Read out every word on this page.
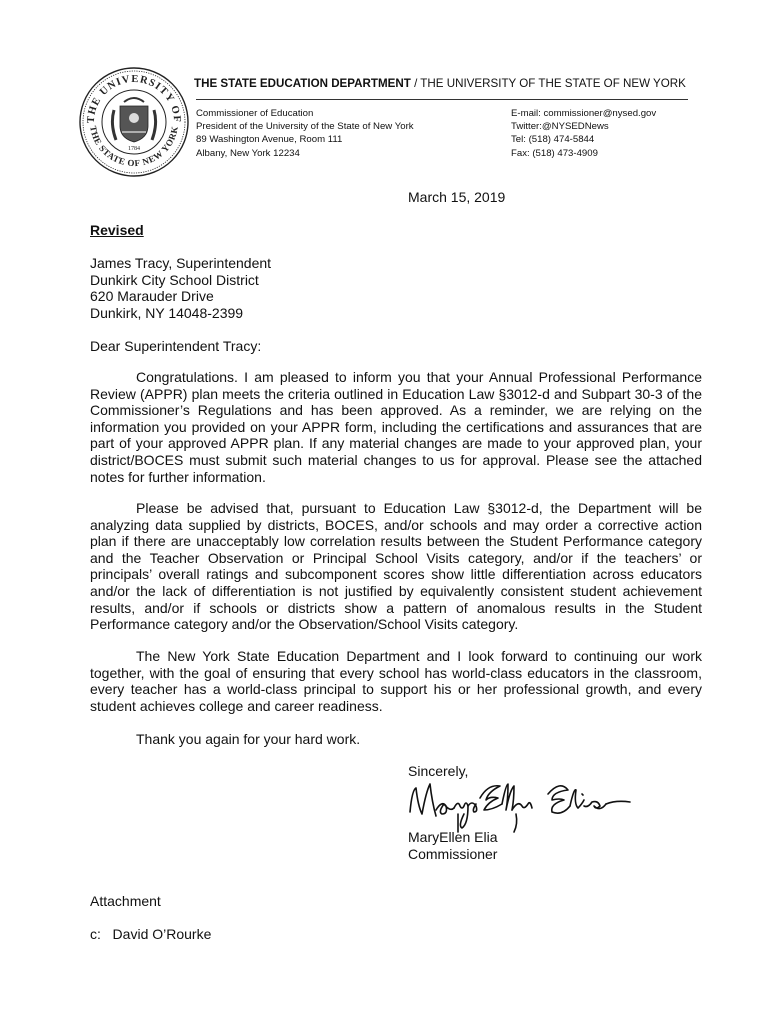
THE UNIVERSITY OF
THE STATE OF NEW YORK
1784
THE STATE EDUCATION DEPARTMENT / THE UNIVERSITY OF THE STATE OF NEW YORK
Commissioner of Education
President of the University of the State of New York
89 Washington Avenue, Room 111
Albany, New York 12234
E-mail: commissioner@nysed.gov
Twitter:@NYSEDNews
Tel: (518) 474-5844
Fax: (518) 473-4909
March 15, 2019
Revised
James Tracy, Superintendent
Dunkirk City School District
620 Marauder Drive
Dunkirk, NY 14048-2399
Dear Superintendent Tracy:
Congratulations. I am pleased to inform you that your Annual Professional Performance Review (APPR) plan meets the criteria outlined in Education Law §3012-d and Subpart 30-3 of the Commissioner’s Regulations and has been approved. As a reminder, we are relying on the information you provided on your APPR form, including the certifications and assurances that are part of your approved APPR plan. If any material changes are made to your approved plan, your district/BOCES must submit such material changes to us for approval. Please see the attached notes for further information.
Please be advised that, pursuant to Education Law §3012-d, the Department will be analyzing data supplied by districts, BOCES, and/or schools and may order a corrective action plan if there are unacceptably low correlation results between the Student Performance category and the Teacher Observation or Principal School Visits category, and/or if the teachers’ or principals’ overall ratings and subcomponent scores show little differentiation across educators and/or the lack of differentiation is not justified by equivalently consistent student achievement results, and/or if schools or districts show a pattern of anomalous results in the Student Performance category and/or the Observation/School Visits category.
The New York State Education Department and I look forward to continuing our work together, with the goal of ensuring that every school has world-class educators in the classroom, every teacher has a world-class principal to support his or her professional growth, and every student achieves college and career readiness.
Thank you again for your hard work.
Sincerely,
MaryEllen Elia
Commissioner
Attachment
c:   David O’Rourke
